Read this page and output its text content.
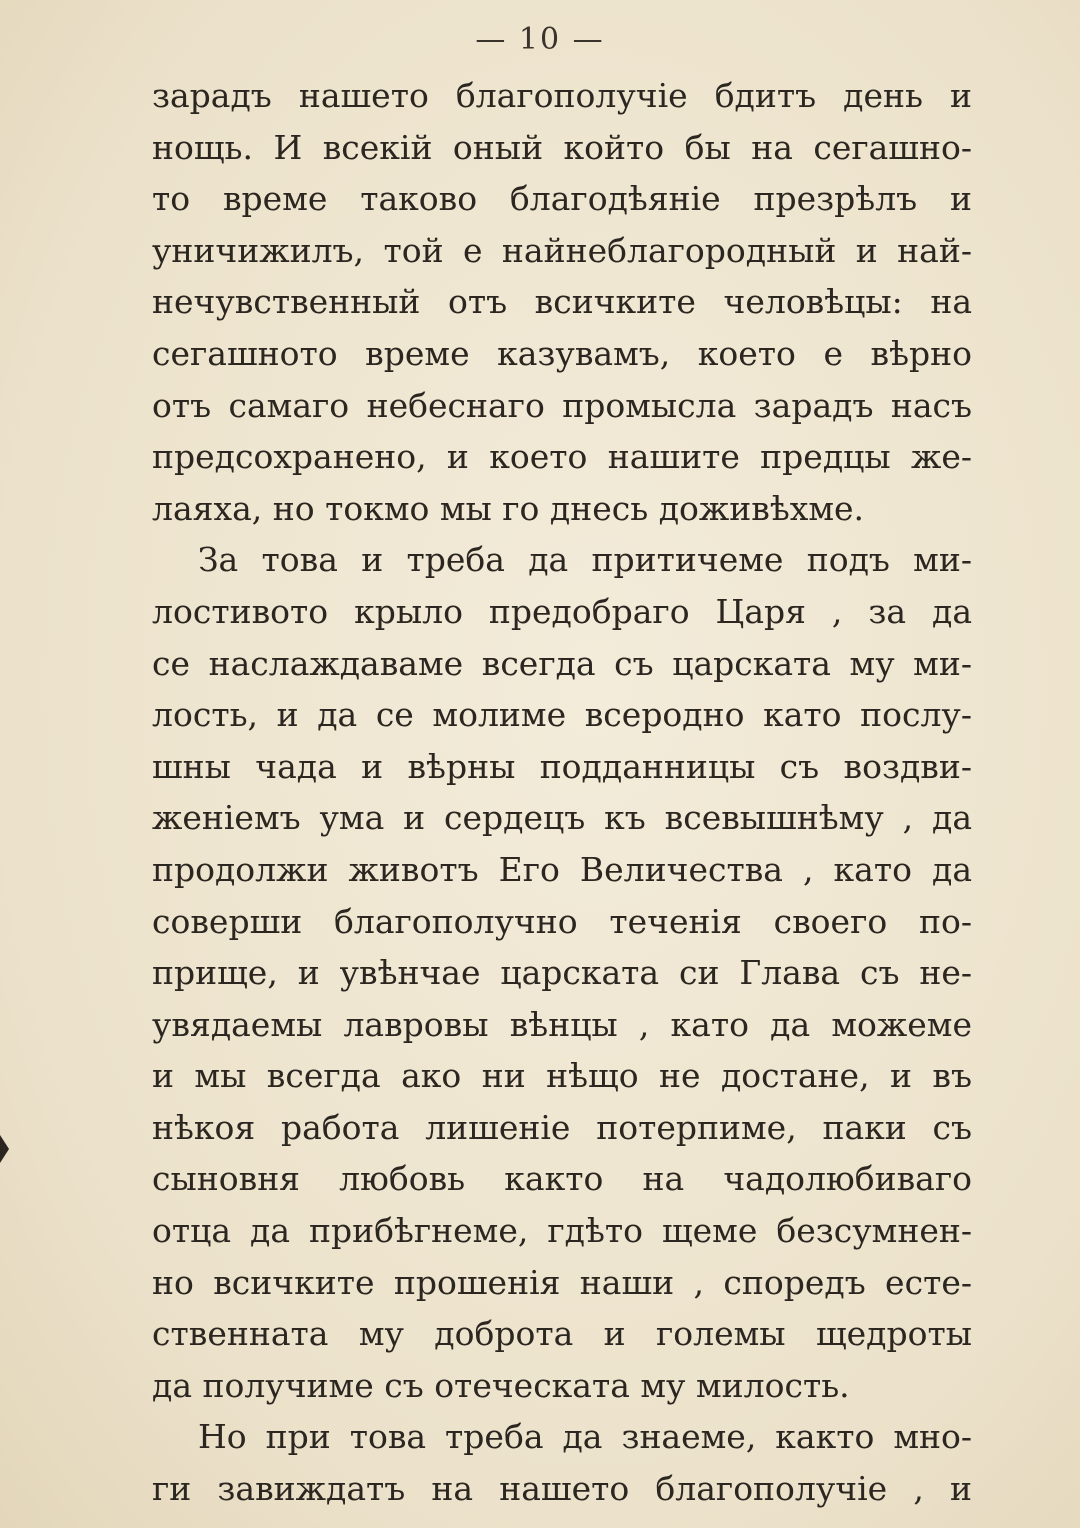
— 10 —
зарадъ нашето благополучіе бдитъ день и
нощь. И всекій оный който бы на сегашно-
то време таково благодѣяніе презрѣлъ и
уничижилъ, той е найнеблагородный и най-
нечувственный отъ всичките человѣцы: на
сегашното време казувамъ, което е вѣрно
отъ самаго небеснаго промысла зарадъ насъ
предсохранено, и което нашите предцы же-
лаяха, но токмо мы го днесь доживѣхме.
За това и треба да притичеме подъ ми-
лостивото крыло предобраго Царя , за да
се наслаждаваме всегда съ царската му ми-
лость, и да се молиме всеродно като послу-
шны чада и вѣрны подданницы съ воздви-
женіемъ ума и сердецъ къ всевышнѣму , да
продолжи животъ Его Величества , като да
соверши благополучно теченія своего по-
прище, и увѣнчае царската си Глава съ не-
увядаемы лавровы вѣнцы , като да можеме
и мы всегда ако ни нѣщо не достане, и въ
нѣкоя работа лишеніе потерпиме, паки съ
сыновня любовь както на чадолюбиваго
отца да прибѣгнеме, гдѣто щеме безсумнен-
но всичките прошенія наши , споредъ есте-
ственната му доброта и големы щедроты
да получиме съ отеческата му милость.
Но при това треба да знаеме, както мно-
ги завиждатъ на нашето благополучіе , и
